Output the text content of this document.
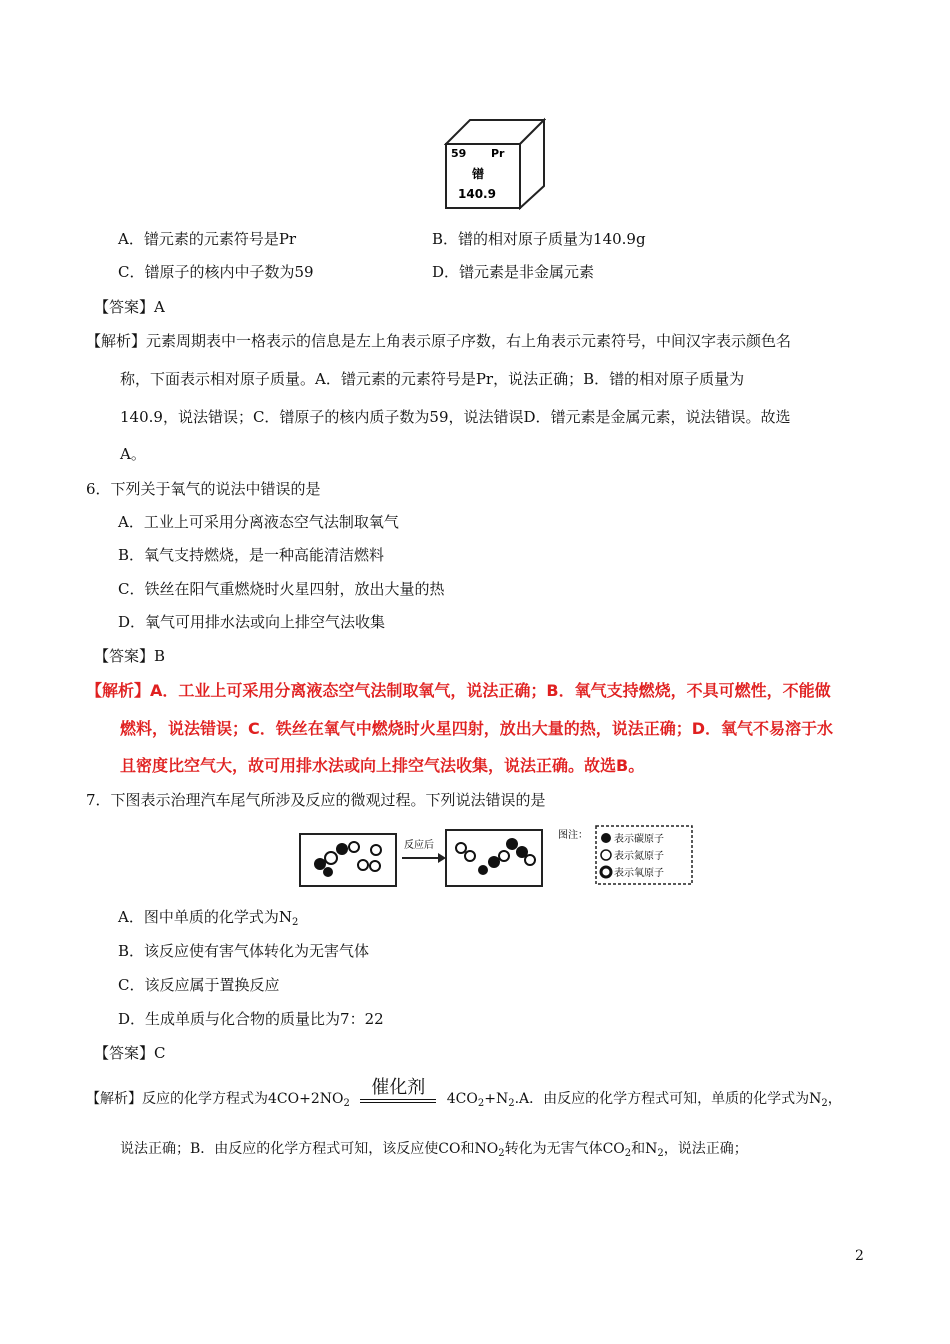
59 Pr
镨
140.9
A．镨元素的元素符号是Pr	B．镨的相对原子质量为140.9g
C．镨原子的核内中子数为59	D．镨元素是非金属元素
【答案】A
【解析】元素周期表中一格表示的信息是左上角表示原子序数，右上角表示元素符号，中间汉字表示颜色名
称，下面表示相对原子质量。A．镨元素的元素符号是Pr，说法正确；B．镨的相对原子质量为
140.9，说法错误；C．镨原子的核内质子数为59，说法错误D．镨元素是金属元素，说法错误。故选
A。
6．下列关于氧气的说法中错误的是
A．工业上可采用分离液态空气法制取氧气
B．氧气支持燃烧，是一种高能清洁燃料
C．铁丝在阳气重燃烧时火星四射，放出大量的热
D．氧气可用排水法或向上排空气法收集
【答案】B
【解析】A．工业上可采用分离液态空气法制取氧气，说法正确；B．氧气支持燃烧，不具可燃性，不能做
燃料，说法错误；C．铁丝在氧气中燃烧时火星四射，放出大量的热，说法正确；D．氧气不易溶于水
且密度比空气大，故可用排水法或向上排空气法收集，说法正确。故选B。
7．下图表示治理汽车尾气所涉及反应的微观过程。下列说法错误的是
反应后
图注：	表示碳原子
表示氮原子
表示氧原子
A．图中单质的化学式为$N_2$
B．该反应使有害气体转化为无害气体
C．该反应属于置换反应
D．生成单质与化合物的质量比为7：22
【答案】C
【解析】反应的化学方程式为$4CO+2NO_2$
催化剂
$4CO_2+N_2.A$．由反应的化学方程式可知，单质的化学式为$N_2$，
说法正确；B．由反应的化学方程式可知，该反应使CO和$NO_2$转化为无害气体$CO_2$和$N_2$，说法正确；
2
